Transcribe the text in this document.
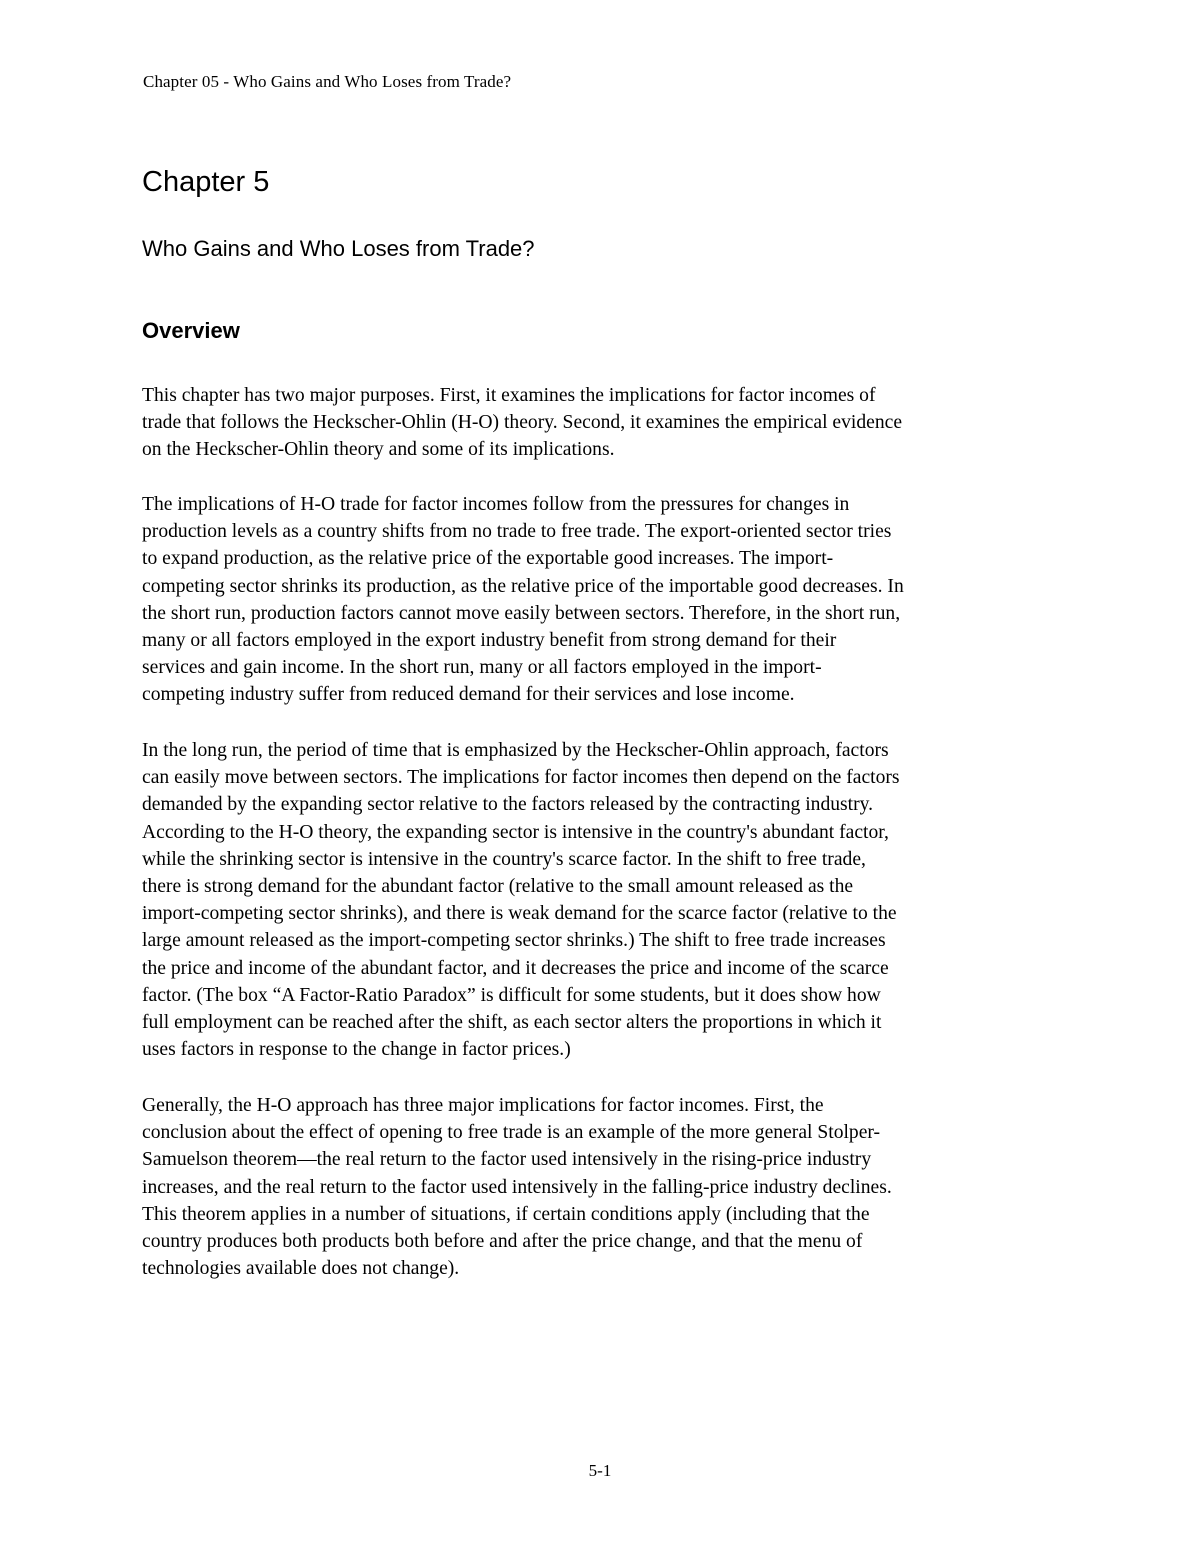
Chapter 05 - Who Gains and Who Loses from Trade?
Chapter 5
Who Gains and Who Loses from Trade?
Overview

This chapter has two major purposes. First, it examines the implications for factor incomes of
trade that follows the Heckscher-Ohlin (H-O) theory. Second, it examines the empirical evidence
on the Heckscher-Ohlin theory and some of its implications.

The implications of H-O trade for factor incomes follow from the pressures for changes in
production levels as a country shifts from no trade to free trade. The export-oriented sector tries
to expand production, as the relative price of the exportable good increases. The import-
competing sector shrinks its production, as the relative price of the importable good decreases. In
the short run, production factors cannot move easily between sectors. Therefore, in the short run,
many or all factors employed in the export industry benefit from strong demand for their
services and gain income. In the short run, many or all factors employed in the import-
competing industry suffer from reduced demand for their services and lose income.

In the long run, the period of time that is emphasized by the Heckscher-Ohlin approach, factors
can easily move between sectors. The implications for factor incomes then depend on the factors
demanded by the expanding sector relative to the factors released by the contracting industry.
According to the H-O theory, the expanding sector is intensive in the country's abundant factor,
while the shrinking sector is intensive in the country's scarce factor. In the shift to free trade,
there is strong demand for the abundant factor (relative to the small amount released as the
import-competing sector shrinks), and there is weak demand for the scarce factor (relative to the
large amount released as the import-competing sector shrinks.) The shift to free trade increases
the price and income of the abundant factor, and it decreases the price and income of the scarce
factor. (The box “A Factor-Ratio Paradox” is difficult for some students, but it does show how
full employment can be reached after the shift, as each sector alters the proportions in which it
uses factors in response to the change in factor prices.)

Generally, the H-O approach has three major implications for factor incomes. First, the
conclusion about the effect of opening to free trade is an example of the more general Stolper-
Samuelson theorem—the real return to the factor used intensively in the rising-price industry
increases, and the real return to the factor used intensively in the falling-price industry declines.
This theorem applies in a number of situations, if certain conditions apply (including that the
country produces both products both before and after the price change, and that the menu of
technologies available does not change).

5-1
